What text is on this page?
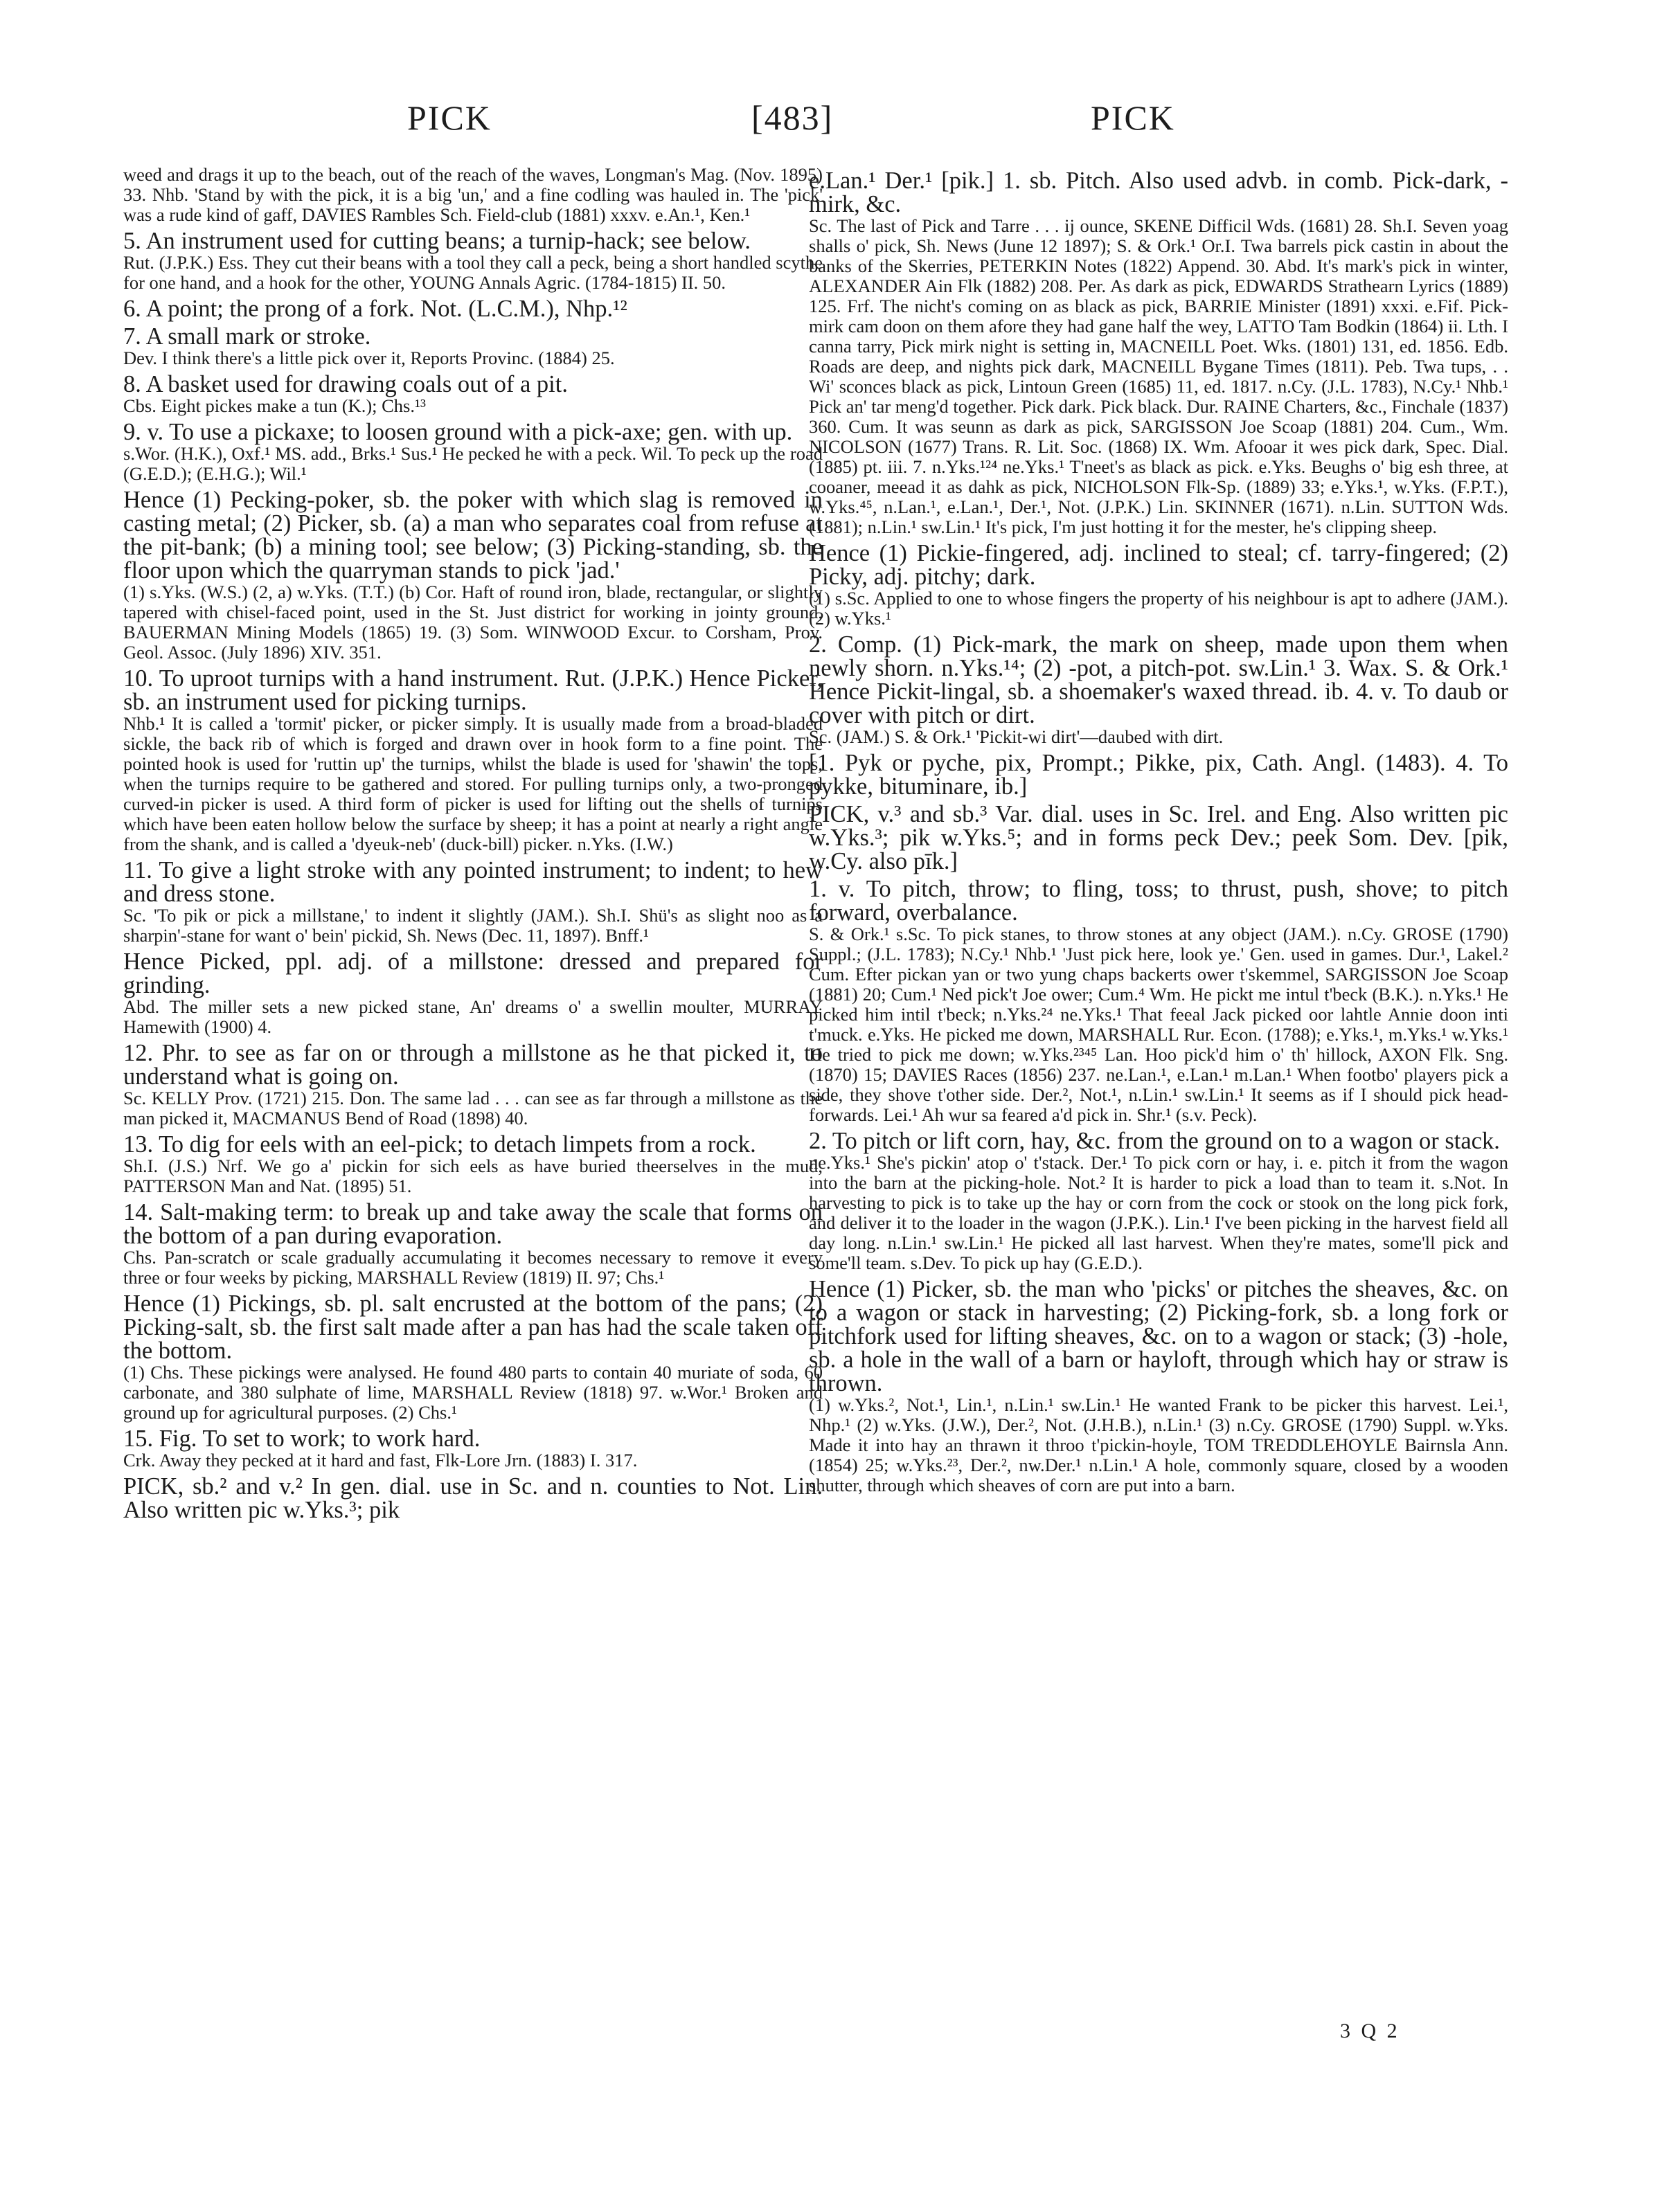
PICK	[483]	PICK

weed and drags it up to the beach, out of the reach of the waves, Longman's Mag. (Nov. 1895) 33. Nhb. 'Stand by with the pick, it is a big 'un,' and a fine codling was hauled in. The 'pick' was a rude kind of gaff, DAVIES Rambles Sch. Field-club (1881) xxxv. e.An.¹, Ken.¹

5. An instrument used for cutting beans; a turnip-hack; see below.

Rut. (J.P.K.) Ess. They cut their beans with a tool they call a peck, being a short handled scythe for one hand, and a hook for the other, YOUNG Annals Agric. (1784-1815) II. 50.

6. A point; the prong of a fork. Not. (L.C.M.), Nhp.¹²

7. A small mark or stroke.

Dev. I think there's a little pick over it, Reports Provinc. (1884) 25.

8. A basket used for drawing coals out of a pit.

Cbs. Eight pickes make a tun (K.); Chs.¹³

9. v. To use a pickaxe; to loosen ground with a pick-axe; gen. with up.

s.Wor. (H.K.), Oxf.¹ MS. add., Brks.¹ Sus.¹ He pecked he with a peck. Wil. To peck up the road (G.E.D.); (E.H.G.); Wil.¹

Hence (1) Pecking-poker, sb. the poker with which slag is removed in casting metal; (2) Picker, sb. (a) a man who separates coal from refuse at the pit-bank; (b) a mining tool; see below; (3) Picking-standing, sb. the floor upon which the quarryman stands to pick 'jad.'

(1) s.Yks. (W.S.) (2, a) w.Yks. (T.T.) (b) Cor. Haft of round iron, blade, rectangular, or slightly tapered with chisel-faced point, used in the St. Just district for working in jointy ground, BAUERMAN Mining Models (1865) 19. (3) Som. WINWOOD Excur. to Corsham, Prov. Geol. Assoc. (July 1896) XIV. 351.

10. To uproot turnips with a hand instrument. Rut. (J.P.K.) Hence Picker, sb. an instrument used for picking turnips.

Nhb.¹ It is called a 'tormit' picker, or picker simply. It is usually made from a broad-bladed sickle, the back rib of which is forged and drawn over in hook form to a fine point. The pointed hook is used for 'ruttin up' the turnips, whilst the blade is used for 'shawin' the tops, when the turnips require to be gathered and stored. For pulling turnips only, a two-pronged curved-in picker is used. A third form of picker is used for lifting out the shells of turnips which have been eaten hollow below the surface by sheep; it has a point at nearly a right angle from the shank, and is called a 'dyeuk-neb' (duck-bill) picker. n.Yks. (I.W.)

11. To give a light stroke with any pointed instrument; to indent; to hew and dress stone.

Sc. 'To pik or pick a millstane,' to indent it slightly (JAM.). Sh.I. Shü's as slight noo as a sharpin'-stane for want o' bein' pickid, Sh. News (Dec. 11, 1897). Bnff.¹

Hence Picked, ppl. adj. of a millstone: dressed and prepared for grinding.

Abd. The miller sets a new picked stane, An' dreams o' a swellin moulter, MURRAY Hamewith (1900) 4.

12. Phr. to see as far on or through a millstone as he that picked it, to understand what is going on.

Sc. KELLY Prov. (1721) 215. Don. The same lad . . . can see as far through a millstone as the man picked it, MACMANUS Bend of Road (1898) 40.

13. To dig for eels with an eel-pick; to detach limpets from a rock.

Sh.I. (J.S.) Nrf. We go a' pickin for sich eels as have buried theerselves in the mud, PATTERSON Man and Nat. (1895) 51.

14. Salt-making term: to break up and take away the scale that forms on the bottom of a pan during evaporation.

Chs. Pan-scratch or scale gradually accumulating it becomes necessary to remove it every three or four weeks by picking, MARSHALL Review (1819) II. 97; Chs.¹

Hence (1) Pickings, sb. pl. salt encrusted at the bottom of the pans; (2) Picking-salt, sb. the first salt made after a pan has had the scale taken off the bottom.

(1) Chs. These pickings were analysed. He found 480 parts to contain 40 muriate of soda, 60 carbonate, and 380 sulphate of lime, MARSHALL Review (1818) 97. w.Wor.¹ Broken and ground up for agricultural purposes. (2) Chs.¹

15. Fig. To set to work; to work hard.

Crk. Away they pecked at it hard and fast, Flk-Lore Jrn. (1883) I. 317.

PICK, sb.² and v.² In gen. dial. use in Sc. and n. counties to Not. Lin. Also written pic w.Yks.³; pik

e.Lan.¹ Der.¹ [pik.] 1. sb. Pitch. Also used advb. in comb. Pick-dark, -mirk, &c.

Sc. The last of Pick and Tarre . . . ij ounce, SKENE Difficil Wds. (1681) 28. Sh.I. Seven yoag shalls o' pick, Sh. News (June 12 1897); S. & Ork.¹ Or.I. Twa barrels pick castin in about the banks of the Skerries, PETERKIN Notes (1822) Append. 30. Abd. It's mark's pick in winter, ALEXANDER Ain Flk (1882) 208. Per. As dark as pick, EDWARDS Strathearn Lyrics (1889) 125. Frf. The nicht's coming on as black as pick, BARRIE Minister (1891) xxxi. e.Fif. Pick-mirk cam doon on them afore they had gane half the wey, LATTO Tam Bodkin (1864) ii. Lth. I canna tarry, Pick mirk night is setting in, MACNEILL Poet. Wks. (1801) 131, ed. 1856. Edb. Roads are deep, and nights pick dark, MACNEILL Bygane Times (1811). Peb. Twa tups, . . Wi' sconces black as pick, Lintoun Green (1685) 11, ed. 1817. n.Cy. (J.L. 1783), N.Cy.¹ Nhb.¹ Pick an' tar meng'd together. Pick dark. Pick black. Dur. RAINE Charters, &c., Finchale (1837) 360. Cum. It was seunn as dark as pick, SARGISSON Joe Scoap (1881) 204. Cum., Wm. NICOLSON (1677) Trans. R. Lit. Soc. (1868) IX. Wm. Afooar it wes pick dark, Spec. Dial. (1885) pt. iii. 7. n.Yks.¹²⁴ ne.Yks.¹ T'neet's as black as pick. e.Yks. Beughs o' big esh three, at cooaner, meead it as dahk as pick, NICHOLSON Flk-Sp. (1889) 33; e.Yks.¹, w.Yks. (F.P.T.), w.Yks.⁴⁵, n.Lan.¹, e.Lan.¹, Der.¹, Not. (J.P.K.) Lin. SKINNER (1671). n.Lin. SUTTON Wds. (1881); n.Lin.¹ sw.Lin.¹ It's pick, I'm just hotting it for the mester, he's clipping sheep.

Hence (1) Pickie-fingered, adj. inclined to steal; cf. tarry-fingered; (2) Picky, adj. pitchy; dark.

(1) s.Sc. Applied to one to whose fingers the property of his neighbour is apt to adhere (JAM.). (2) w.Yks.¹

2. Comp. (1) Pick-mark, the mark on sheep, made upon them when newly shorn. n.Yks.¹⁴; (2) -pot, a pitch-pot. sw.Lin.¹ 3. Wax. S. & Ork.¹ Hence Pickit-lingal, sb. a shoemaker's waxed thread. ib. 4. v. To daub or cover with pitch or dirt.

Sc. (JAM.) S. & Ork.¹ 'Pickit-wi dirt'—daubed with dirt.

[1. Pyk or pyche, pix, Prompt.; Pikke, pix, Cath. Angl. (1483). 4. To pykke, bituminare, ib.]

PICK, v.³ and sb.³ Var. dial. uses in Sc. Irel. and Eng. Also written pic w.Yks.³; pik w.Yks.⁵; and in forms peck Dev.; peek Som. Dev. [pik, w.Cy. also pīk.]

1. v. To pitch, throw; to fling, toss; to thrust, push, shove; to pitch forward, overbalance.

S. & Ork.¹ s.Sc. To pick stanes, to throw stones at any object (JAM.). n.Cy. GROSE (1790) Suppl.; (J.L. 1783); N.Cy.¹ Nhb.¹ 'Just pick here, look ye.' Gen. used in games. Dur.¹, Lakel.² Cum. Efter pickan yan or two yung chaps backerts ower t'skemmel, SARGISSON Joe Scoap (1881) 20; Cum.¹ Ned pick't Joe ower; Cum.⁴ Wm. He pickt me intul t'beck (B.K.). n.Yks.¹ He picked him intil t'beck; n.Yks.²⁴ ne.Yks.¹ That feeal Jack picked oor lahtle Annie doon inti t'muck. e.Yks. He picked me down, MARSHALL Rur. Econ. (1788); e.Yks.¹, m.Yks.¹ w.Yks.¹ He tried to pick me down; w.Yks.²³⁴⁵ Lan. Hoo pick'd him o' th' hillock, AXON Flk. Sng. (1870) 15; DAVIES Races (1856) 237. ne.Lan.¹, e.Lan.¹ m.Lan.¹ When footbo' players pick a side, they shove t'other side. Der.², Not.¹, n.Lin.¹ sw.Lin.¹ It seems as if I should pick head-forwards. Lei.¹ Ah wur sa feared a'd pick in. Shr.¹ (s.v. Peck).

2. To pitch or lift corn, hay, &c. from the ground on to a wagon or stack.

ne.Yks.¹ She's pickin' atop o' t'stack. Der.¹ To pick corn or hay, i. e. pitch it from the wagon into the barn at the picking-hole. Not.² It is harder to pick a load than to team it. s.Not. In harvesting to pick is to take up the hay or corn from the cock or stook on the long pick fork, and deliver it to the loader in the wagon (J.P.K.). Lin.¹ I've been picking in the harvest field all day long. n.Lin.¹ sw.Lin.¹ He picked all last harvest. When they're mates, some'll pick and some'll team. s.Dev. To pick up hay (G.E.D.).

Hence (1) Picker, sb. the man who 'picks' or pitches the sheaves, &c. on to a wagon or stack in harvesting; (2) Picking-fork, sb. a long fork or pitchfork used for lifting sheaves, &c. on to a wagon or stack; (3) -hole, sb. a hole in the wall of a barn or hayloft, through which hay or straw is thrown.

(1) w.Yks.², Not.¹, Lin.¹, n.Lin.¹ sw.Lin.¹ He wanted Frank to be picker this harvest. Lei.¹, Nhp.¹ (2) w.Yks. (J.W.), Der.², Not. (J.H.B.), n.Lin.¹ (3) n.Cy. GROSE (1790) Suppl. w.Yks. Made it into hay an thrawn it throo t'pickin-hoyle, TOM TREDDLEHOYLE Bairnsla Ann. (1854) 25; w.Yks.²³, Der.², nw.Der.¹ n.Lin.¹ A hole, commonly square, closed by a wooden shutter, through which sheaves of corn are put into a barn.

3 Q 2
